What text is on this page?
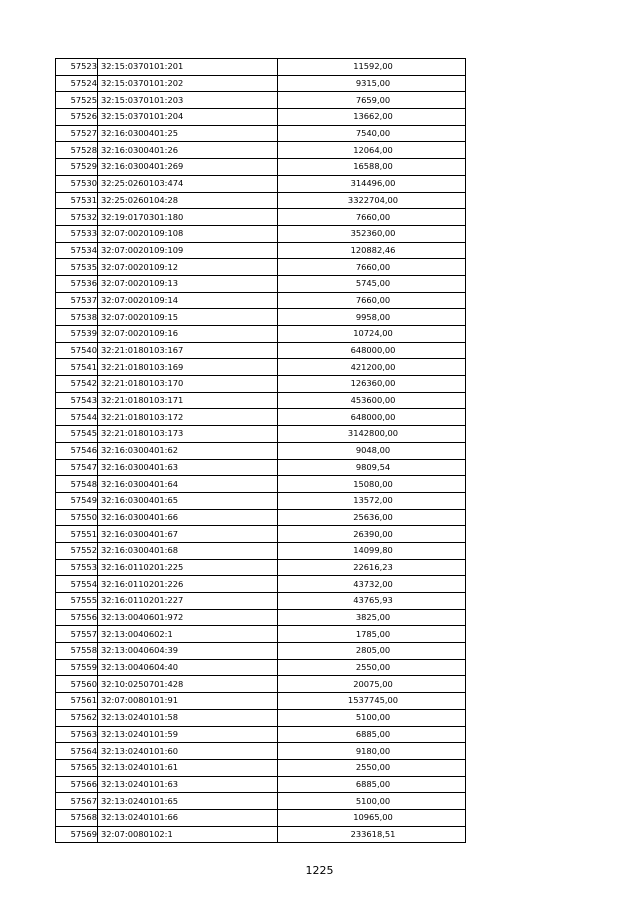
57523	32:15:0370101:201	11592,00
57524	32:15:0370101:202	9315,00
57525	32:15:0370101:203	7659,00
57526	32:15:0370101:204	13662,00
57527	32:16:0300401:25	7540,00
57528	32:16:0300401:26	12064,00
57529	32:16:0300401:269	16588,00
57530	32:25:0260103:474	314496,00
57531	32:25:0260104:28	3322704,00
57532	32:19:0170301:180	7660,00
57533	32:07:0020109:108	352360,00
57534	32:07:0020109:109	120882,46
57535	32:07:0020109:12	7660,00
57536	32:07:0020109:13	5745,00
57537	32:07:0020109:14	7660,00
57538	32:07:0020109:15	9958,00
57539	32:07:0020109:16	10724,00
57540	32:21:0180103:167	648000,00
57541	32:21:0180103:169	421200,00
57542	32:21:0180103:170	126360,00
57543	32:21:0180103:171	453600,00
57544	32:21:0180103:172	648000,00
57545	32:21:0180103:173	3142800,00
57546	32:16:0300401:62	9048,00
57547	32:16:0300401:63	9809,54
57548	32:16:0300401:64	15080,00
57549	32:16:0300401:65	13572,00
57550	32:16:0300401:66	25636,00
57551	32:16:0300401:67	26390,00
57552	32:16:0300401:68	14099,80
57553	32:16:0110201:225	22616,23
57554	32:16:0110201:226	43732,00
57555	32:16:0110201:227	43765,93
57556	32:13:0040601:972	3825,00
57557	32:13:0040602:1	1785,00
57558	32:13:0040604:39	2805,00
57559	32:13:0040604:40	2550,00
57560	32:10:0250701:428	20075,00
57561	32:07:0080101:91	1537745,00
57562	32:13:0240101:58	5100,00
57563	32:13:0240101:59	6885,00
57564	32:13:0240101:60	9180,00
57565	32:13:0240101:61	2550,00
57566	32:13:0240101:63	6885,00
57567	32:13:0240101:65	5100,00
57568	32:13:0240101:66	10965,00
57569	32:07:0080102:1	233618,51
1225
